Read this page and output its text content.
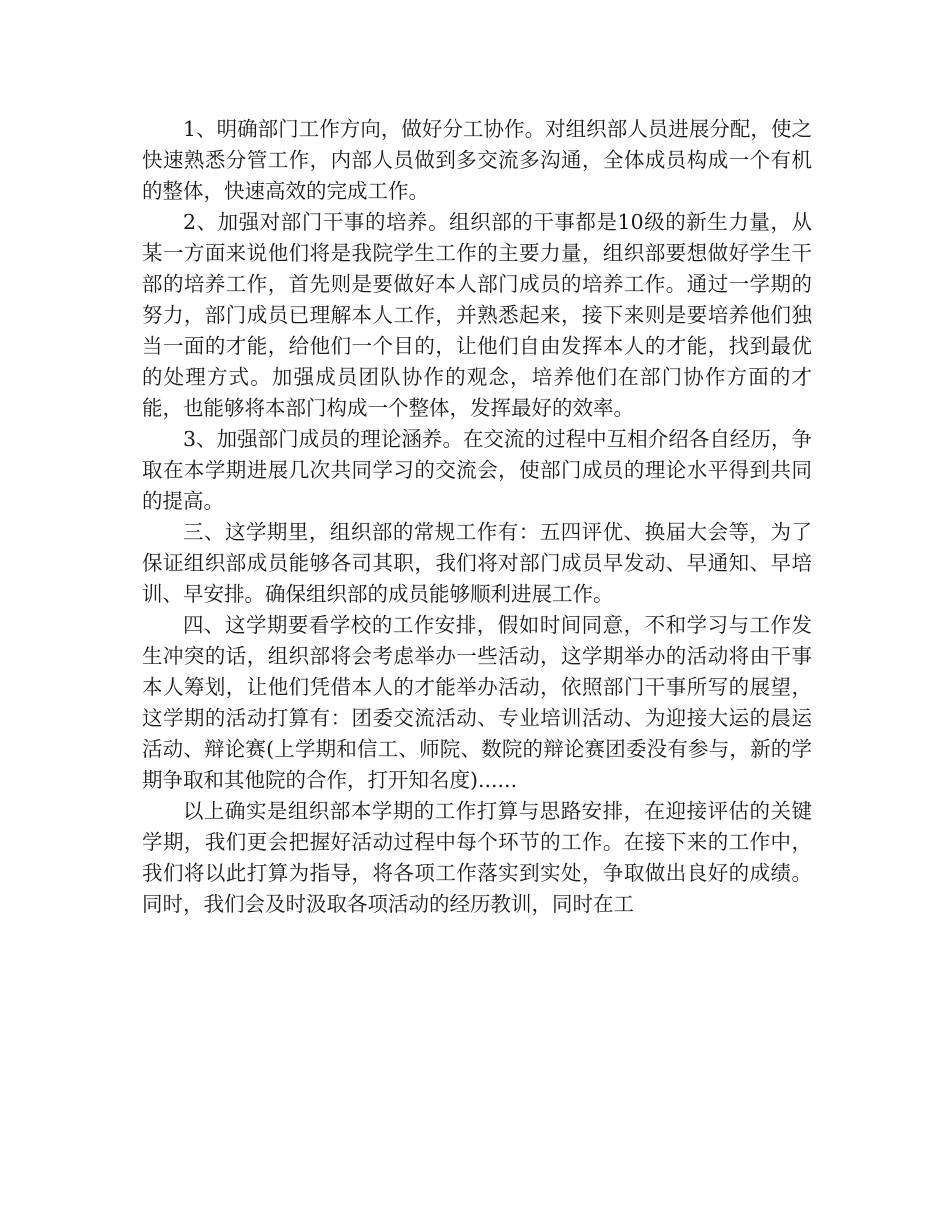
1、明确部门工作方向，做好分工协作。对组织部人员进展分配，使之快速熟悉分管工作，内部人员做到多交流多沟通，全体成员构成一个有机的整体，快速高效的完成工作。

2、加强对部门干事的培养。组织部的干事都是10级的新生力量，从某一方面来说他们将是我院学生工作的主要力量，组织部要想做好学生干部的培养工作，首先则是要做好本人部门成员的培养工作。通过一学期的努力，部门成员已理解本人工作，并熟悉起来，接下来则是要培养他们独当一面的才能，给他们一个目的，让他们自由发挥本人的才能，找到最优的处理方式。加强成员团队协作的观念，培养他们在部门协作方面的才能，也能够将本部门构成一个整体，发挥最好的效率。

3、加强部门成员的理论涵养。在交流的过程中互相介绍各自经历，争取在本学期进展几次共同学习的交流会，使部门成员的理论水平得到共同的提高。

三、这学期里，组织部的常规工作有：五四评优、换届大会等，为了保证组织部成员能够各司其职，我们将对部门成员早发动、早通知、早培训、早安排。确保组织部的成员能够顺利进展工作。

四、这学期要看学校的工作安排，假如时间同意，不和学习与工作发生冲突的话，组织部将会考虑举办一些活动，这学期举办的活动将由干事本人筹划，让他们凭借本人的才能举办活动，依照部门干事所写的展望，这学期的活动打算有：团委交流活动、专业培训活动、为迎接大运的晨运活动、辩论赛(上学期和信工、师院、数院的辩论赛团委没有参与，新的学期争取和其他院的合作，打开知名度)......

以上确实是组织部本学期的工作打算与思路安排，在迎接评估的关键学期，我们更会把握好活动过程中每个环节的工作。在接下来的工作中，我们将以此打算为指导，将各项工作落实到实处，争取做出良好的成绩。同时，我们会及时汲取各项活动的经历教训，同时在工
